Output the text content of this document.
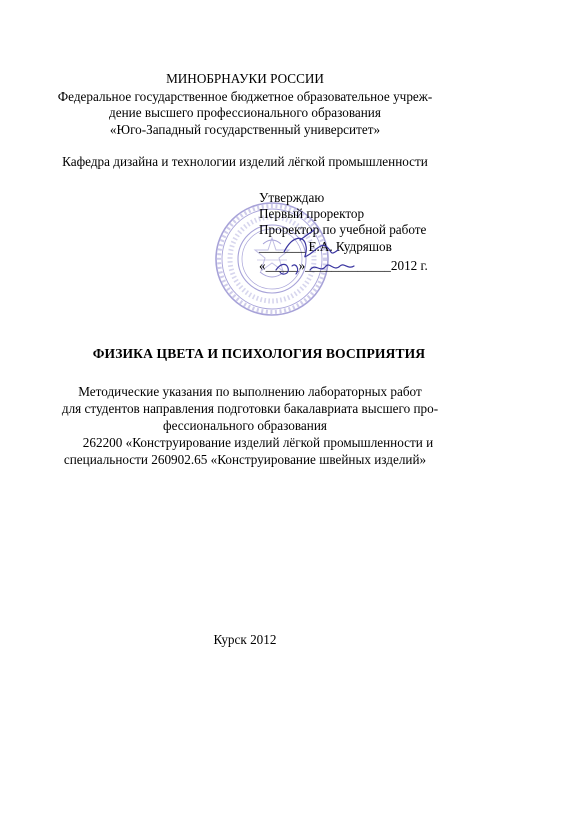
МИНОБРНАУКИ РОССИИ
Федеральное государственное бюджетное образовательное учреж-
дение высшего профессионального образования
«Юго-Западный государственный университет»
Кафедра дизайна и технологии изделий лёгкой промышленности
Утверждаю
Первый проректор
Проректор по учебной работе
_______ Е.А. Кудряшов
«_____»_____________2012 г.
ФИЗИКА ЦВЕТА И ПСИХОЛОГИЯ ВОСПРИЯТИЯ
Методические указания по выполнению лабораторных работ
для студентов направления подготовки бакалавриата высшего про-
фессионального образования
262200 «Конструирование изделий лёгкой промышленности и
специальности 260902.65 «Конструирование швейных изделий»
Курск 2012
